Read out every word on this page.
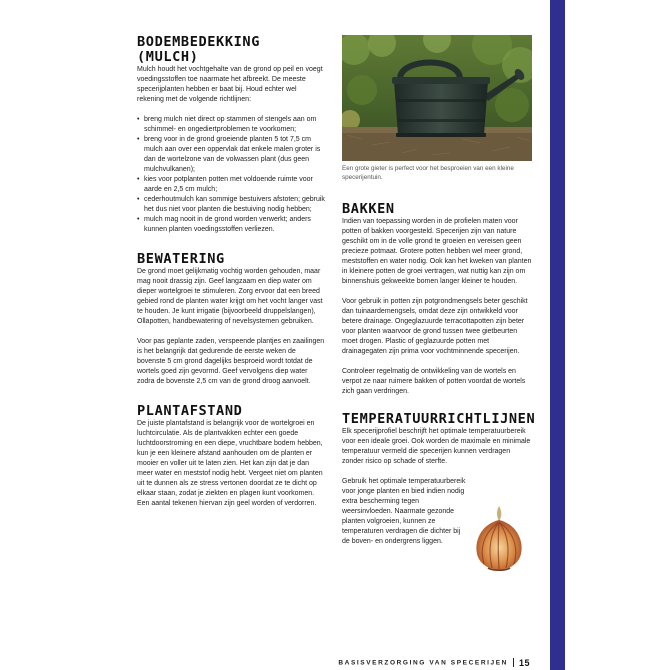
BODEMBEDEKKING (MULCH)

Mulch houdt het vochtgehalte van de grond op peil en voegt voedingsstoffen toe naarmate het afbreekt. De meeste specerijplanten hebben er baat bij. Houd echter wel rekening met de volgende richtlijnen:

• breng mulch niet direct op stammen of stengels aan om schimmel- en ongediertproblemen te voorkomen;
• breng voor in de grond groeiende planten 5 tot 7,5 cm mulch aan over een oppervlak dat enkele malen groter is dan de wortelzone van de volwassen plant (dus geen mulchvulkanen);
• kies voor potplanten potten met voldoende ruimte voor aarde en 2,5 cm mulch;
• cederhoutmulch kan sommige bestuivers afstoten; gebruik het dus niet voor planten die bestuiving nodig hebben;
• mulch mag nooit in de grond worden verwerkt; anders kunnen planten voedingsstoffen verliezen.
BEWATERING

De grond moet gelijkmatig vochtig worden gehouden, maar mag nooit drassig zijn. Geef langzaam en diep water om dieper wortelgroei te stimuleren. Zorg ervoor dat een breed gebied rond de planten water krijgt om het vocht langer vast te houden. Je kunt irrigatie (bijvoorbeeld druppelslangen), Ollapotten, handbewatering of nevelsystemen gebruiken.

Voor pas geplante zaden, verspeende plantjes en zaailingen is het belangrijk dat gedurende de eerste weken de bovenste 5 cm grond dagelijks besproeid wordt totdat de wortels goed zijn gevormd. Geef vervolgens diep water zodra de bovenste 2,5 cm van de grond droog aanvoelt.

PLANTAFSTAND

De juiste plantafstand is belangrijk voor de wortelgroei en luchtcirculatie. Als de plantvakken echter een goede luchtdoorstroming en een diepe, vruchtbare bodem hebben, kun je een kleinere afstand aanhouden om de planten er mooier en voller uit te laten zien. Het kan zijn dat je dan meer water en meststof nodig hebt. Vergeet niet om planten uit te dunnen als ze stress vertonen doordat ze te dicht op elkaar staan, zodat je ziekten en plagen kunt voorkomen. Een aantal tekenen hiervan zijn geel worden of verdorren.

Een grote gieter is perfect voor het besproeien van een kleine specerijentuin.
BAKKEN

Indien van toepassing worden in de profielen maten voor potten of bakken voorgesteld. Specerijen zijn van nature geschikt om in de volle grond te groeien en vereisen geen precieze potmaat. Grotere potten hebben wel meer grond, meststoffen en water nodig. Ook kan het kweken van planten in kleinere potten de groei vertragen, wat nuttig kan zijn om binnenshuis gekweekte bomen langer kleiner te houden.

Voor gebruik in potten zijn potgrondmengsels beter geschikt dan tuinaardemengsels, omdat deze zijn ontwikkeld voor betere drainage. Ongeglazuurde terracottapotten zijn beter voor planten waarvoor de grond tussen twee gietbeurten moet drogen. Plastic of geglazuurde potten met drainagegaten zijn prima voor vochtminnende specerijen.

Controleer regelmatig de ontwikkeling van de wortels en verpot ze naar ruimere bakken of potten voordat de wortels zich gaan verdringen.

TEMPERATUURRICHTLIJNEN

Elk specerijprofiel beschrijft het optimale temperatuurbereik voor een ideale groei. Ook worden de maximale en minimale temperatuur vermeld die specerijen kunnen verdragen zonder risico op schade of sterfte.

Gebruik het optimale temperatuurbereik voor jonge planten en bied indien nodig extra bescherming tegen weersinvloeden. Naarmate gezonde planten volgroeien, kunnen ze temperaturen verdragen die dichter bij de boven- en ondergrens liggen.

BASISVERZORGING VAN SPECERIJEN 15
